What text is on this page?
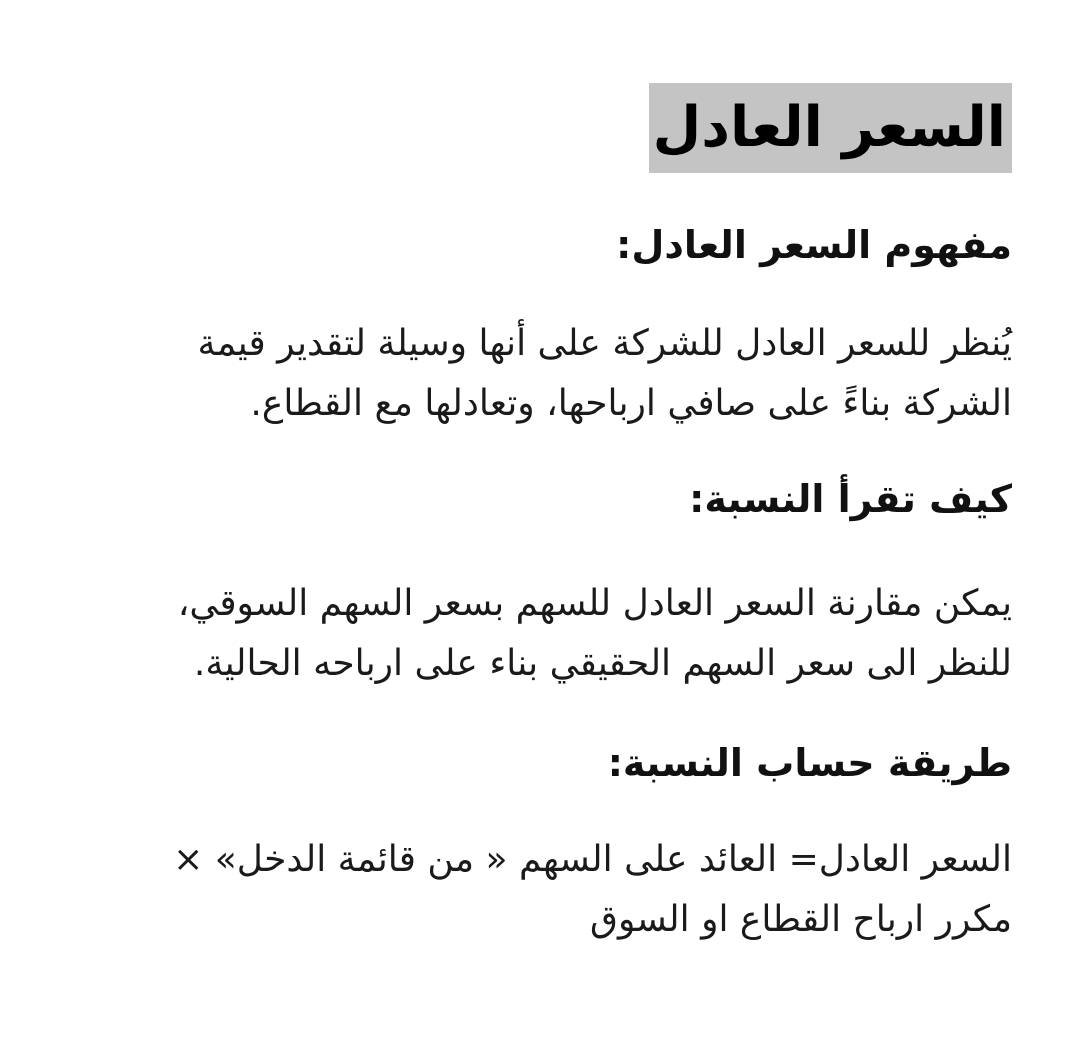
السعر العادل
مفهوم السعر العادل:
يُنظر للسعر العادل للشركة على أنها وسيلة لتقدير قيمة
الشركة بناءً على صافي ارباحها، وتعادلها مع القطاع.
كيف تقرأ النسبة:
يمكن مقارنة السعر العادل للسهم بسعر السهم السوقي،
للنظر الى سعر السهم الحقيقي بناء على ارباحه الحالية.
طريقة حساب النسبة:
السعر العادل= العائد على السهم « من قائمة الدخل» ×
مكرر ارباح القطاع او السوق
